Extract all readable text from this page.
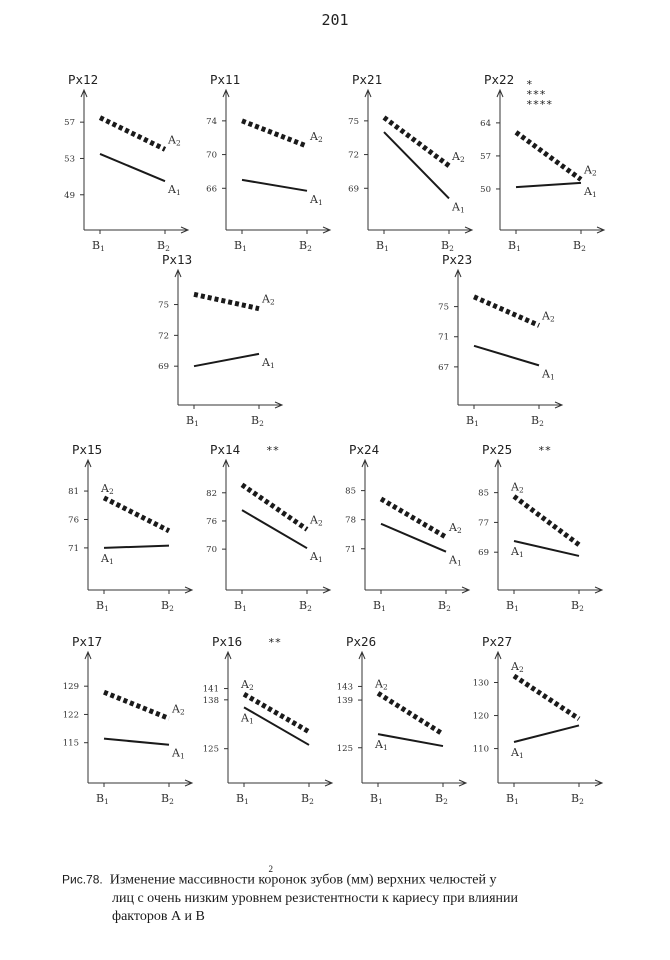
201
Px12
49
53
57
B1	B2
A2
A1
Px11
66
70
74
B1	B2
A2
A1
Px21
69
72
75
B1	B2
A2
A1
Px22 *
***
****
50
57
64
B1	B2
A2
A1
Px13
69
72
75
B1	B2
A2
A1
Px23
67
71
75
B1	B2
A2
A1
Px15
71
76
81
B1	B2
A2
A1
Px14 **
70
76
82
B1	B2
A2
A1
Px24
71
78
85
B1	B2
A2
A1
Px25 **
69
77
85
B1	B2
A2
A1
Px17
115
122
129
B1	B2
A2
A1
Px16 **
125
138
141
B1	B2
A2
A1
Px26
125
139
143
B1	B2
A2
A1
Px27
110
120
130
B1	B2
A2
A1
Рис.78. Изменение массивности коронок зубов (мм) верхних челюстей $у^2$
лиц с очень низким уровнем резистентности к кариесу при влиянии
факторов А и В
